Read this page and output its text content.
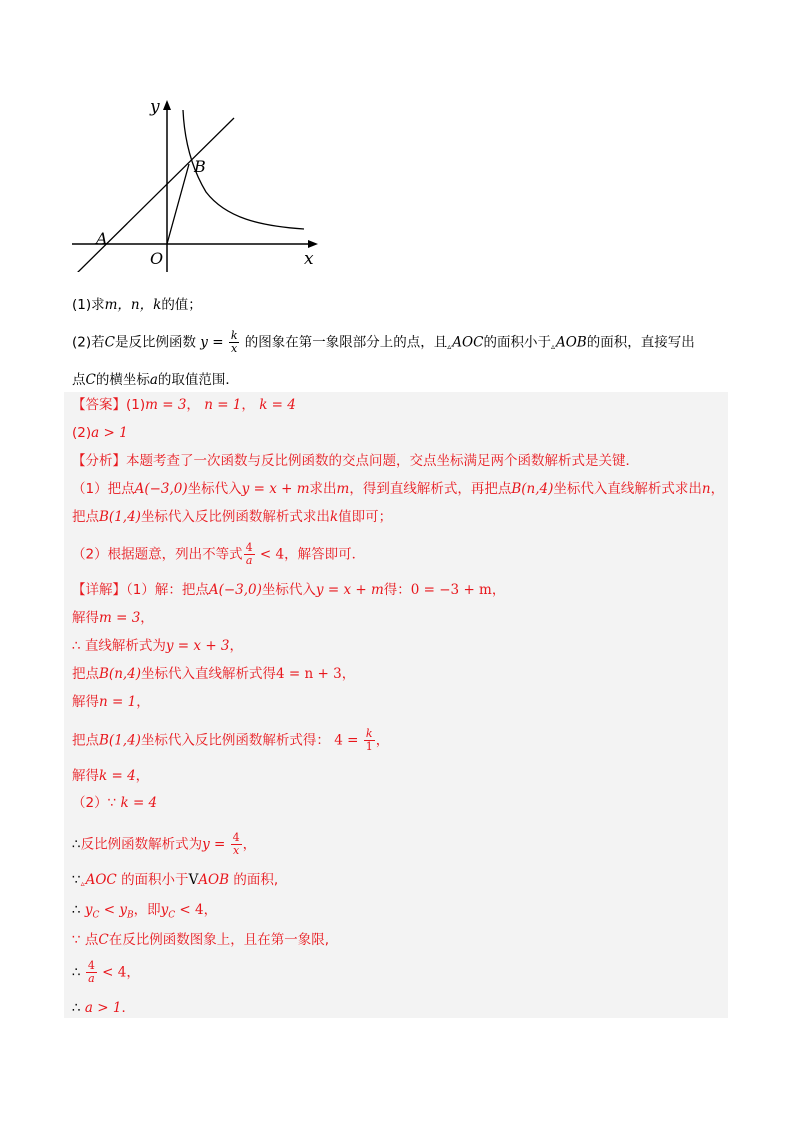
y
x
B
A
O
(1)求m，n，k的值；
(2)若C是反比例函数 $y = \frac{k}{x}$ 的图象在第一象限部分上的点，且▵AOC的面积小于▵AOB的面积，直接写出
点C的横坐标a的取值范围．
【答案】(1)m = 3， n = 1， k = 4
(2)a > 1
【分析】本题考查了一次函数与反比例函数的交点问题，交点坐标满足两个函数解析式是关键．
（1）把点A(−3,0)坐标代入y = x + m求出m，得到直线解析式，再把点B(n,4)坐标代入直线解析式求出n，
把点B(1,4)坐标代入反比例函数解析式求出k值即可；
（2）根据题意，列出不等式 $\frac{4}{a} < 4$，解答即可．
【详解】（1）解：把点A(−3,0)坐标代入y = x + m得：0 = −3 + m，
解得m = 3，
∴ 直线解析式为y = x + 3，
把点B(n,4)坐标代入直线解析式得4 = n + 3，
解得n = 1，
把点B(1,4)坐标代入反比例函数解析式得： $4 = \frac{k}{1}$ ，
解得k = 4，
（2）∵ k = 4
∴反比例函数解析式为$y = \frac{4}{x}$ ，
∵▵AOC 的面积小于VAOB 的面积,
∴ $y_C < y_B$，即$y_C < 4$，
∵ 点C在反比例函数图象上，且在第一象限,
∴ $\frac{4}{a} < 4$，
∴ a > 1．
